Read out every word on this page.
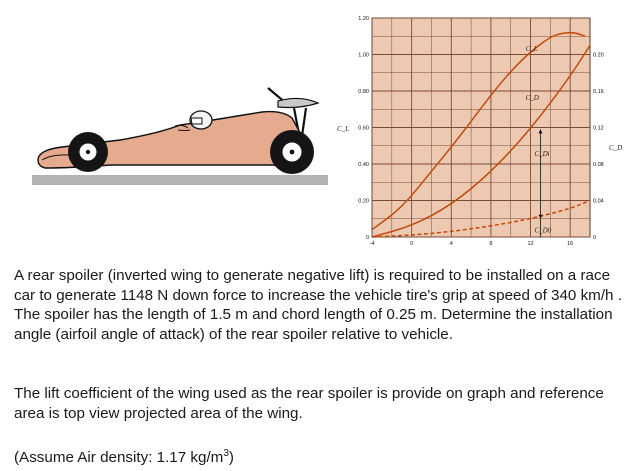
C_L
C_D
-4	0	4	8	12	16
0
0.20
0.40
0.60
0.80
1.00
1.20
0
0.04
0.08
0.12
0.16
0.20
C_Di
C_D0
C_L
C_D
A rear spoiler (inverted wing to generate negative lift) is required to be installed on a race car to generate 1148 N down force to increase the vehicle tire's grip at speed of 340 km/h . The spoiler has the length of 1.5 m and chord length of 0.25 m. Determine the installation angle (airfoil angle of attack) of the rear spoiler relative to vehicle.
The lift coefficient of the wing used as the rear spoiler is provide on graph and reference area is top view projected area of the wing.
(Assume Air density: 1.17 $kg/m^3$)
